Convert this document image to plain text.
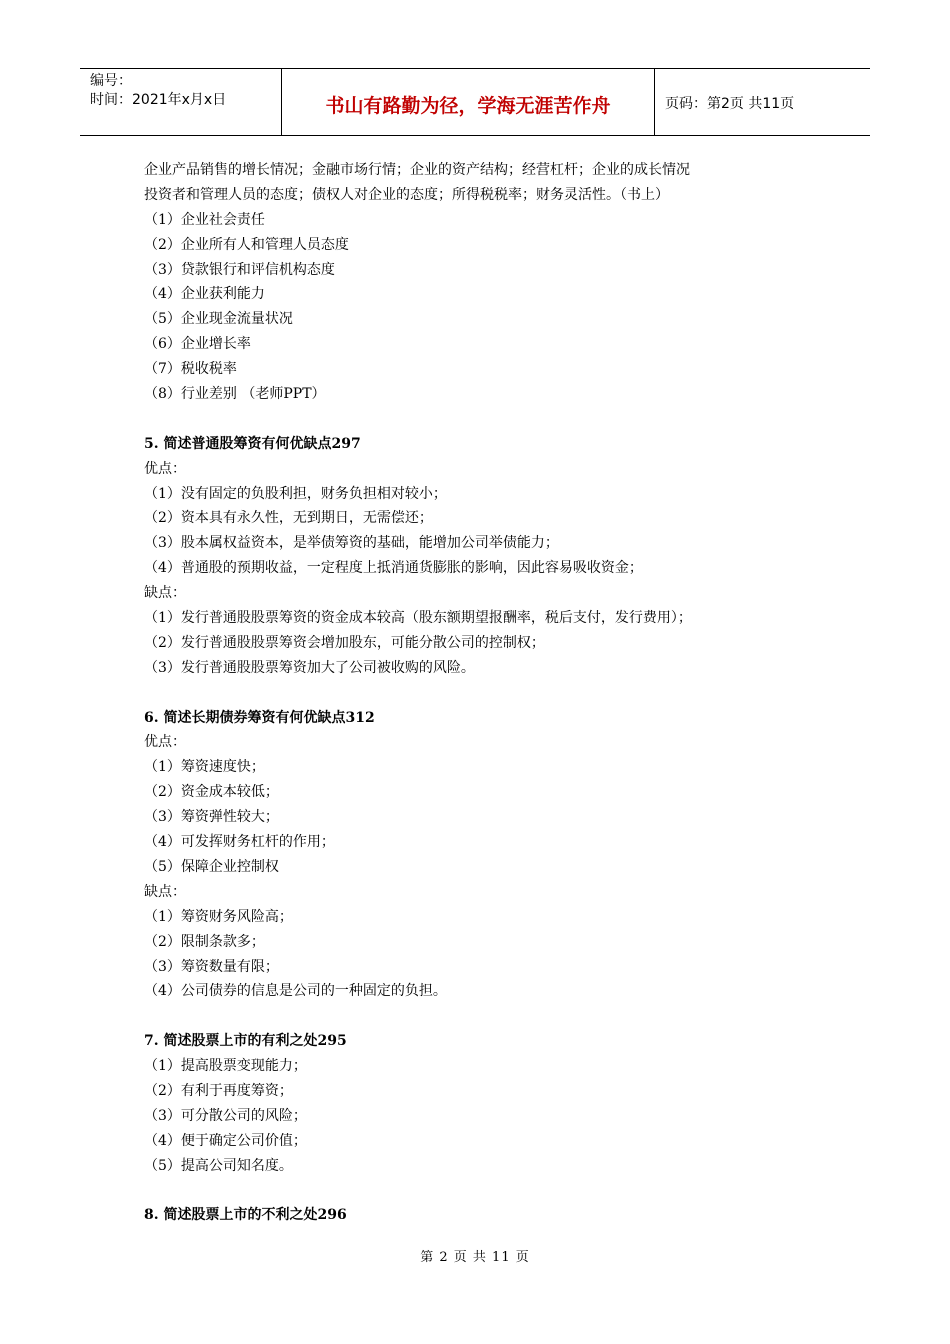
编号：
时间：2021年x月x日	书山有路勤为径，学海无涯苦作舟	页码：第2页 共11页
企业产品销售的增长情况；金融市场行情；企业的资产结构；经营杠杆；企业的成长情况
投资者和管理人员的态度；债权人对企业的态度；所得税税率；财务灵活性。（书上）
（1）企业社会责任
（2）企业所有人和管理人员态度
（3）贷款银行和评信机构态度
（4）企业获利能力
（5）企业现金流量状况
（6）企业增长率
（7）税收税率
（8）行业差别 （老师PPT）
5. 简述普通股筹资有何优缺点297
优点：
（1）没有固定的负股利担，财务负担相对较小；
（2）资本具有永久性，无到期日，无需偿还；
（3）股本属权益资本，是举债筹资的基础，能增加公司举债能力；
（4）普通股的预期收益，一定程度上抵消通货膨胀的影响，因此容易吸收资金；
缺点：
（1）发行普通股股票筹资的资金成本较高（股东额期望报酬率，税后支付，发行费用）；
（2）发行普通股股票筹资会增加股东，可能分散公司的控制权；
（3）发行普通股股票筹资加大了公司被收购的风险。
6. 简述长期债券筹资有何优缺点312
优点：
（1）筹资速度快；
（2）资金成本较低；
（3）筹资弹性较大；
（4）可发挥财务杠杆的作用；
（5）保障企业控制权
缺点：
（1）筹资财务风险高；
（2）限制条款多；
（3）筹资数量有限；
（4）公司债券的信息是公司的一种固定的负担。
7. 简述股票上市的有利之处295
（1）提高股票变现能力；
（2）有利于再度筹资；
（3）可分散公司的风险；
（4）便于确定公司价值；
（5）提高公司知名度。
8. 简述股票上市的不利之处296
第 2 页 共 11 页
